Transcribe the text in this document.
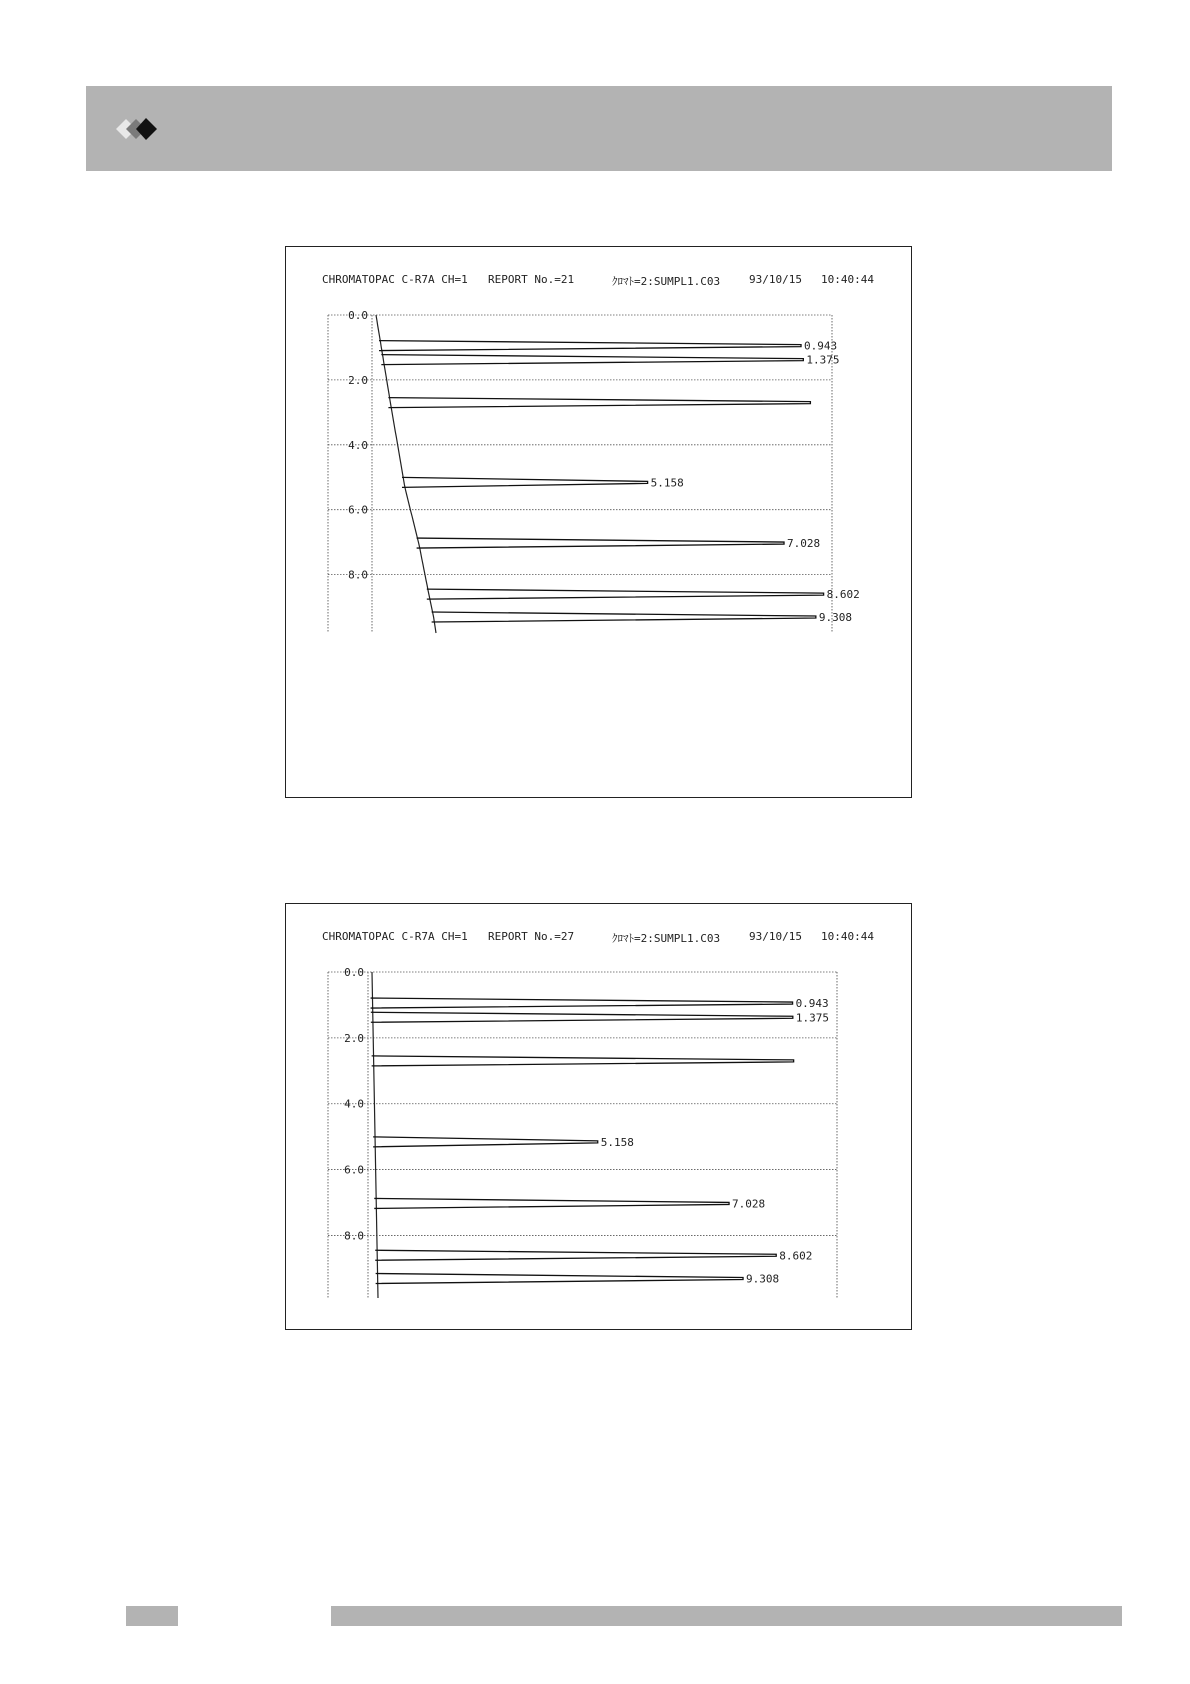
CHROMATOPAC C-R7A CH=1	REPORT No.=21	ｸﾛﾏﾄ=2:SUMPL1.C03	93/10/15	10:40:44
0.0
2.0
4.0
6.0
8.0
0.943
1.375
5.158
7.028
8.602
9.308
CHROMATOPAC C-R7A CH=1	REPORT No.=27	ｸﾛﾏﾄ=2:SUMPL1.C03	93/10/15	10:40:44
0.0
2.0
4.0
6.0
8.0
0.943
1.375
5.158
7.028
8.602
9.308
